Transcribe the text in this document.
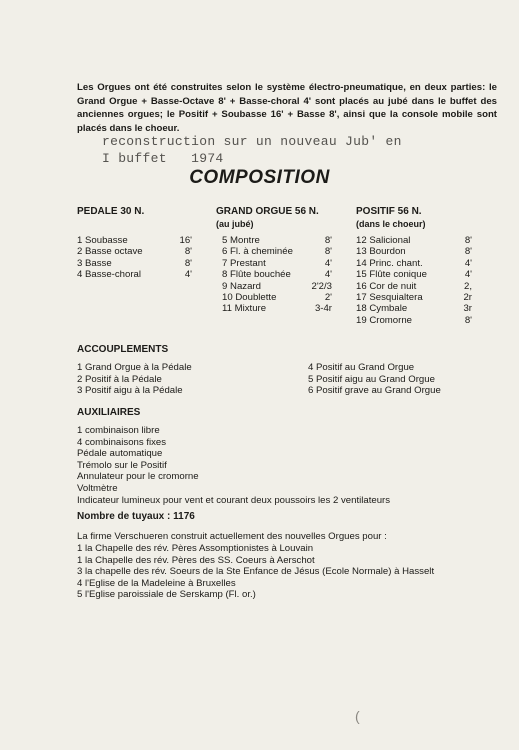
Les Orgues ont été construites selon le système électro-pneumatique, en deux parties: le Grand Orgue + Basse-Octave 8' + Basse-choral 4' sont placés au jubé dans le buffet des anciennes orgues; le Positif + Soubasse 16' + Basse 8', ainsi que la console mobile sont placés dans le choeur.
reconstruction sur un nouveau Jub' en
I buffet   1974
COMPOSITION
PEDALE 30 N.
1 Soubasse	16'
2 Basse octave	8'
3 Basse	8'
4 Basse-choral	4'
GRAND ORGUE 56 N.
(au jubé)
5 Montre	8'
6 Fl. à cheminée	8'
7 Prestant	4'
8 Flûte bouchée	4'
9 Nazard	2'2/3
10 Doublette	2'
11 Mixture	3-4r
POSITIF 56 N.
(dans le choeur)
12 Salicional	8'
13 Bourdon	8'
14 Princ. chant.	4'
15 Flûte conique	4'
16 Cor de nuit	2,
17 Sesquialtera	2r
18 Cymbale	3r
19 Cromorne	8'
ACCOUPLEMENTS
1 Grand Orgue à la Pédale
2 Positif à la Pédale
3 Positif aigu à la Pédale
4 Positif au Grand Orgue
5 Positif aigu au Grand Orgue
6 Positif grave au Grand Orgue
AUXILIAIRES
1 combinaison libre
4 combinaisons fixes
Pédale automatique
Trémolo sur le Positif
Annulateur pour le cromorne
Voltmètre
Indicateur lumineux pour vent et courant deux poussoirs les 2 ventilateurs
Nombre de tuyaux : 1176
La firme Verschueren construit actuellement des nouvelles Orgues pour :
1 la Chapelle des rév. Pères Assomptionistes à Louvain
1 la Chapelle des rév. Pères des SS. Coeurs à Aerschot
3 la chapelle des rév. Soeurs de la Ste Enfance de Jésus (Ecole Normale) à Hasselt
4 l'Eglise de la Madeleine à Bruxelles
5 l'Eglise paroissiale de Serskamp (Fl. or.)
(
